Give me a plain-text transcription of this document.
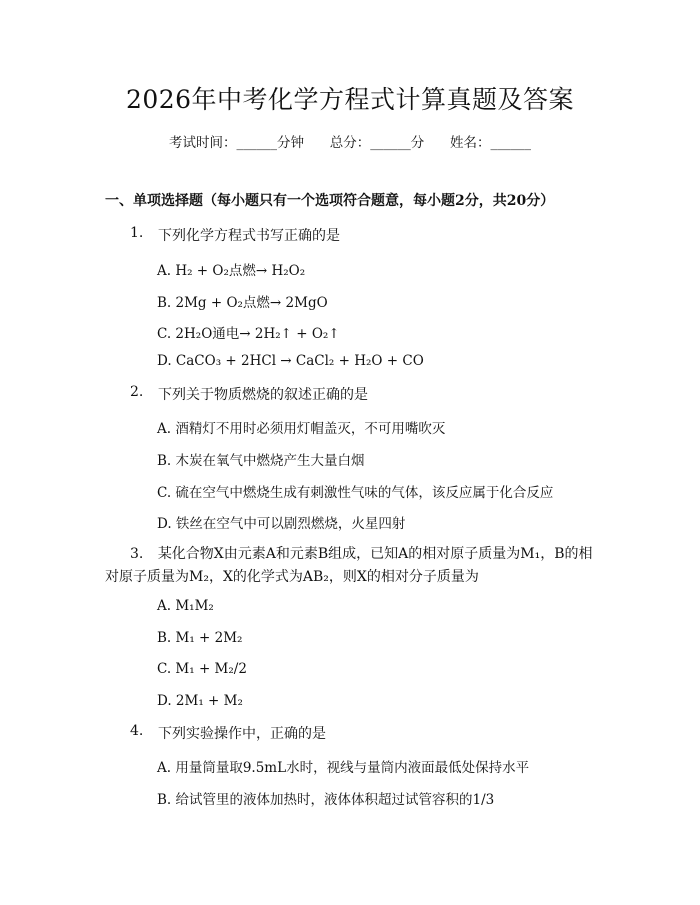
2026年中考化学方程式计算真题及答案
考试时间：______分钟      总分：______分      姓名：______
一、单项选择题（每小题只有一个选项符合题意，每小题2分，共20分）
1. 下列化学方程式书写正确的是
A. H₂ + O₂点燃→ H₂O₂
B. 2Mg + O₂点燃→ 2MgO
C. 2H₂O通电→ 2H₂↑ + O₂↑
D. CaCO₃ + 2HCl → CaCl₂ + H₂O + CO
2. 下列关于物质燃烧的叙述正确的是
A. 酒精灯不用时必须用灯帽盖灭，不可用嘴吹灭
B. 木炭在氧气中燃烧产生大量白烟
C. 硫在空气中燃烧生成有刺激性气味的气体，该反应属于化合反应
D. 铁丝在空气中可以剧烈燃烧，火星四射
3. 某化合物X由元素A和元素B组成，已知A的相对原子质量为M₁，B的相
对原子质量为M₂，X的化学式为AB₂，则X的相对分子质量为
A. M₁M₂
B. M₁ + 2M₂
C. M₁ + M₂/2
D. 2M₁ + M₂
4. 下列实验操作中，正确的是
A. 用量筒量取9.5mL水时，视线与量筒内液面最低处保持水平
B. 给试管里的液体加热时，液体体积超过试管容积的1/3
